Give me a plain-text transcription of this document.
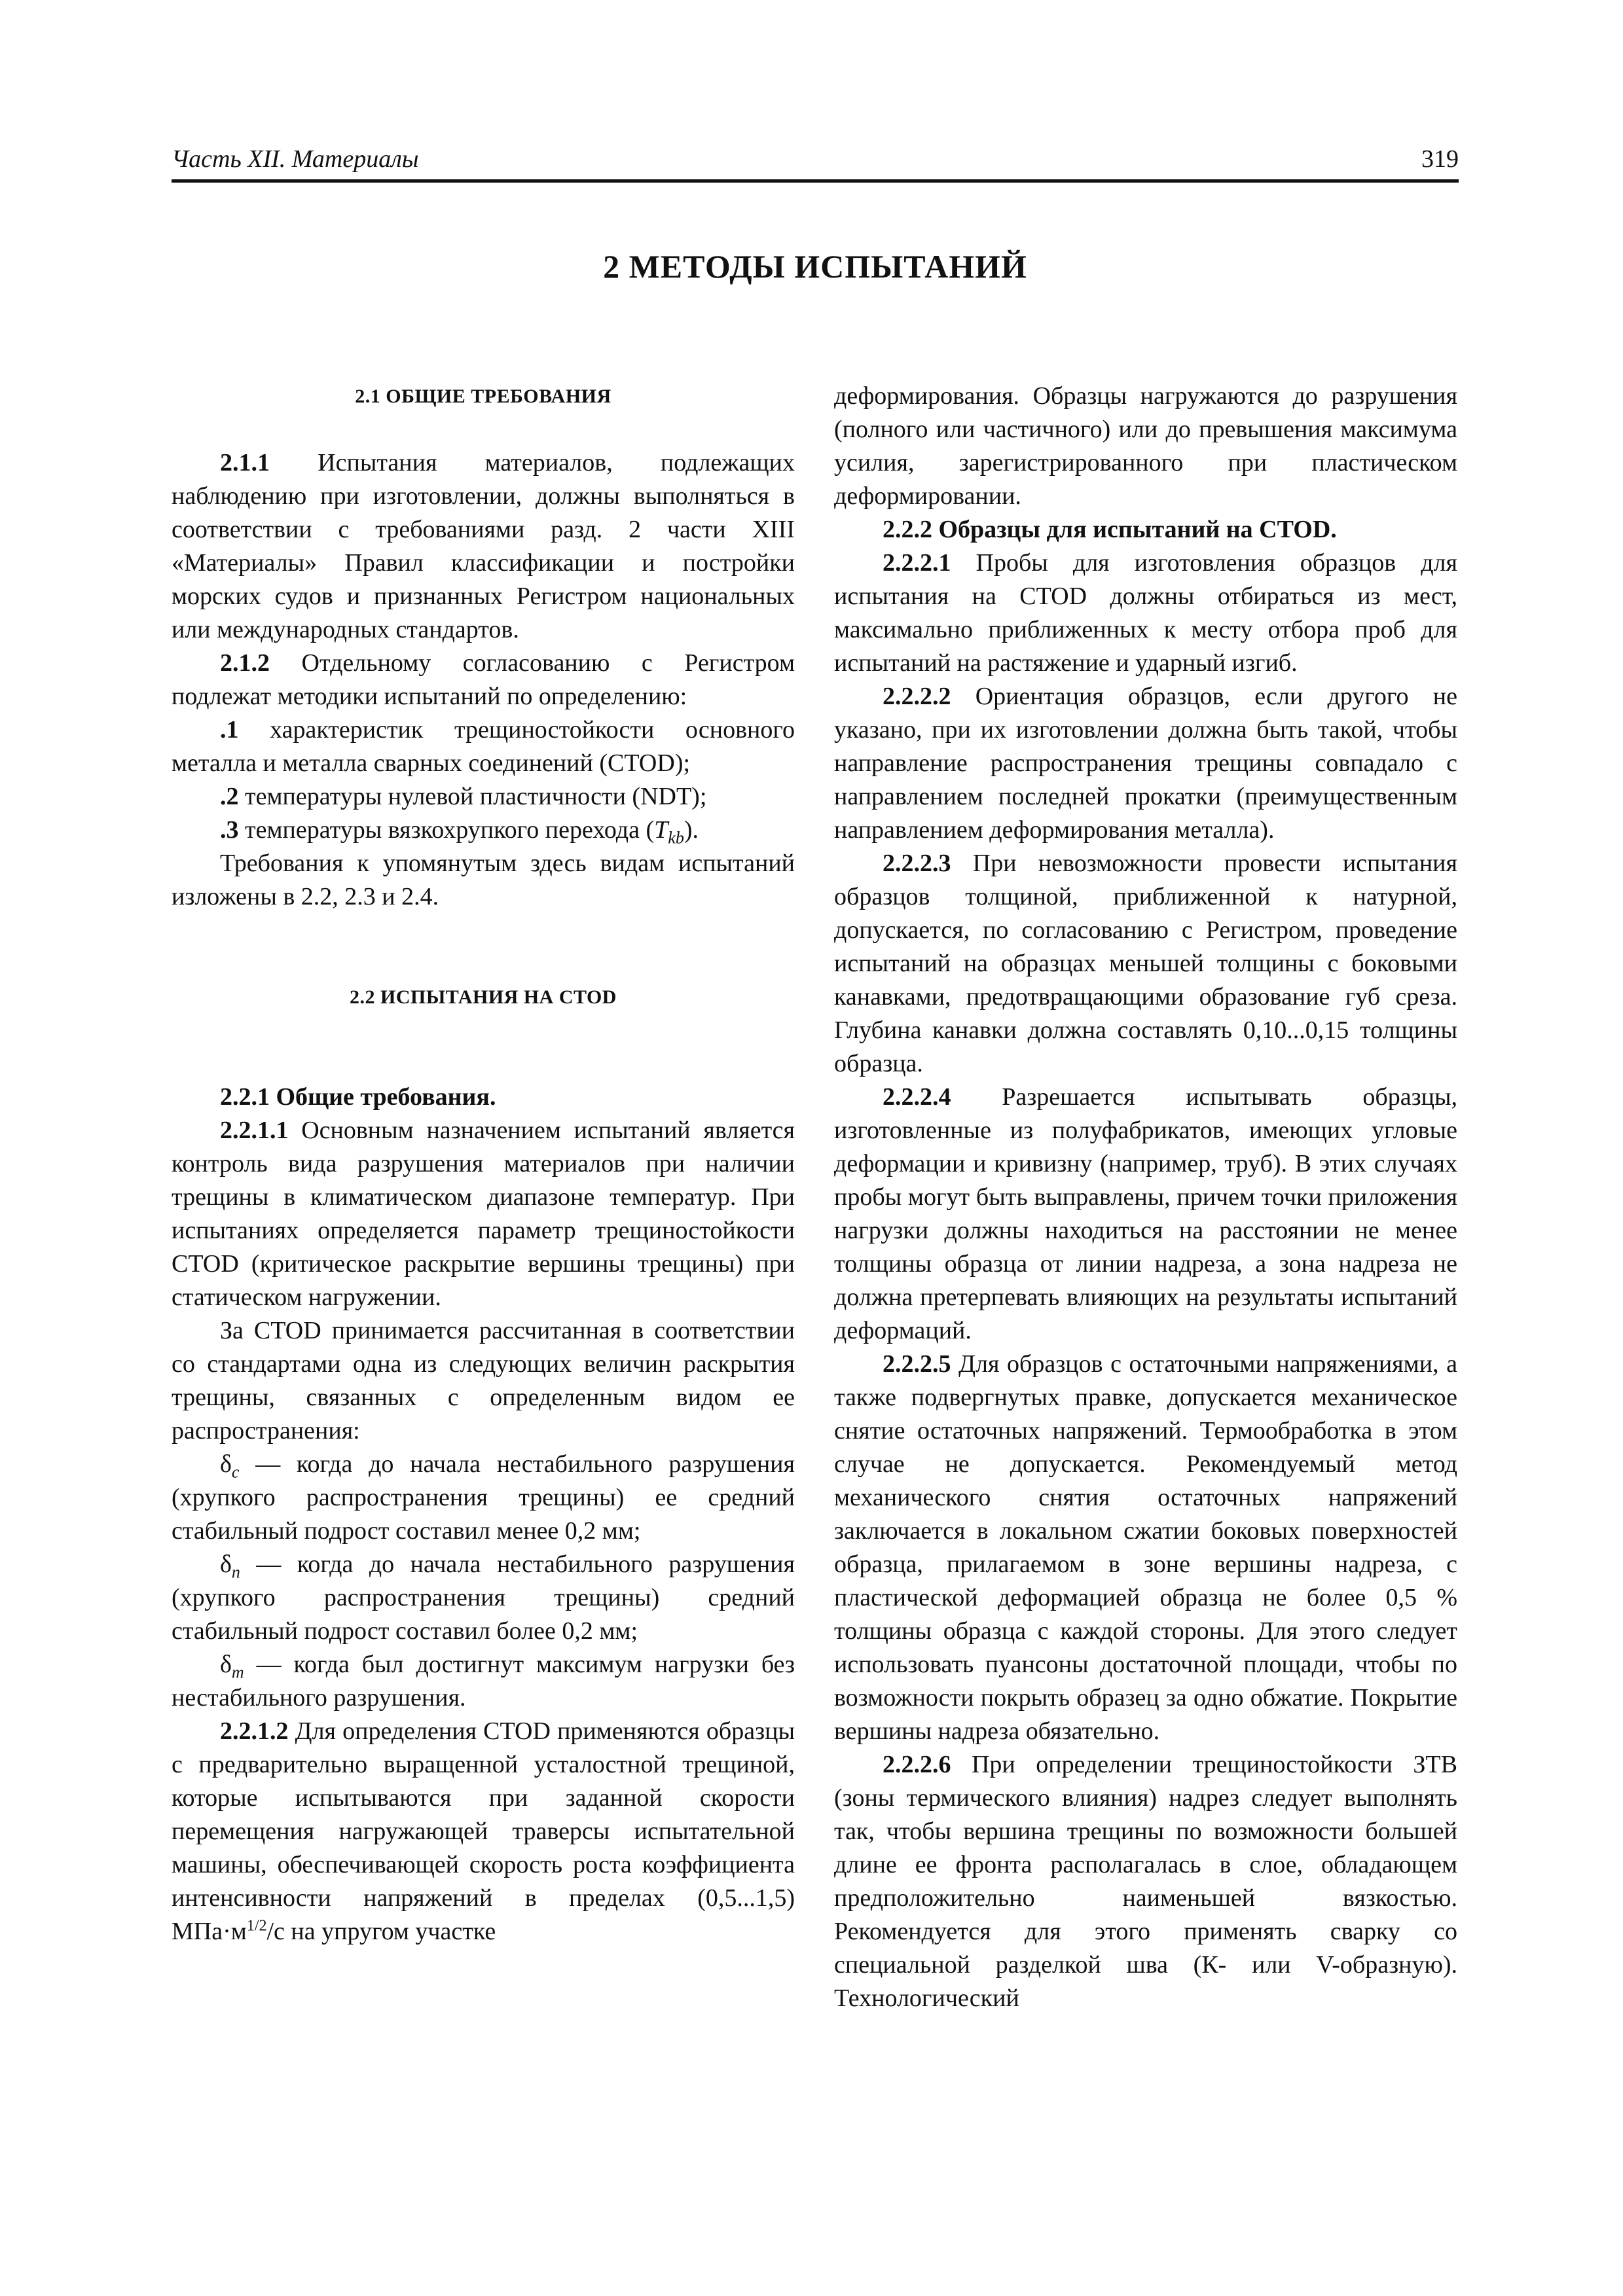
Часть XII. Материалы	319
2 МЕТОДЫ ИСПЫТАНИЙ
2.1 ОБЩИЕ ТРЕБОВАНИЯ

2.1.1 Испытания материалов, подлежащих наблюдению при изготовлении, должны выполняться в соответствии с требованиями разд. 2 части XIII «Материалы» Правил классификации и постройки морских судов и признанных Регистром национальных или международных стандартов.

2.1.2 Отдельному согласованию с Регистром подлежат методики испытаний по определению:

.1 характеристик трещиностойкости основного металла и металла сварных соединений (CTOD);

.2 температуры нулевой пластичности (NDT);

.3 температуры вязкохрупкого перехода $(T_{kb})$.

Требования к упомянутым здесь видам испытаний изложены в 2.2, 2.3 и 2.4.

2.2 ИСПЫТАНИЯ НА CTOD

2.2.1 Общие требования.

2.2.1.1 Основным назначением испытаний является контроль вида разрушения материалов при наличии трещины в климатическом диапазоне температур. При испытаниях определяется параметр трещиностойкости CTOD (критическое раскрытие вершины трещины) при статическом нагружении.

За CTOD принимается рассчитанная в соответствии со стандартами одна из следующих величин раскрытия трещины, связанных с определенным видом ее распространения:

$\delta_c$ — когда до начала нестабильного разрушения (хрупкого распространения трещины) ее средний стабильный подрост составил менее 0,2 мм;

$\delta_n$ — когда до начала нестабильного разрушения (хрупкого распространения трещины) средний стабильный подрост составил более 0,2 мм;

$\delta_m$ — когда был достигнут максимум нагрузки без нестабильного разрушения.

2.2.1.2 Для определения CTOD применяются образцы с предварительно выращенной усталостной трещиной, которые испытываются при заданной скорости перемещения нагружающей траверсы испытательной машины, обеспечивающей скорость роста коэффициента интенсивности напряжений в пределах (0,5...1,5) $МПа\cdot м^{1/2}/с$ на упругом участке

деформирования. Образцы нагружаются до разрушения (полного или частичного) или до превышения максимума усилия, зарегистрированного при пластическом деформировании.

2.2.2 Образцы для испытаний на CTOD.

2.2.2.1 Пробы для изготовления образцов для испытания на CTOD должны отбираться из мест, максимально приближенных к месту отбора проб для испытаний на растяжение и ударный изгиб.

2.2.2.2 Ориентация образцов, если другого не указано, при их изготовлении должна быть такой, чтобы направление распространения трещины совпадало с направлением последней прокатки (преимущественным направлением деформирования металла).

2.2.2.3 При невозможности провести испытания образцов толщиной, приближенной к натурной, допускается, по согласованию с Регистром, проведение испытаний на образцах меньшей толщины с боковыми канавками, предотвращающими образование губ среза. Глубина канавки должна составлять 0,10...0,15 толщины образца.

2.2.2.4 Разрешается испытывать образцы, изготовленные из полуфабрикатов, имеющих угловые деформации и кривизну (например, труб). В этих случаях пробы могут быть выправлены, причем точки приложения нагрузки должны находиться на расстоянии не менее толщины образца от линии надреза, а зона надреза не должна претерпевать влияющих на результаты испытаний деформаций.

2.2.2.5 Для образцов с остаточными напряжениями, а также подвергнутых правке, допускается механическое снятие остаточных напряжений. Термообработка в этом случае не допускается. Рекомендуемый метод механического снятия остаточных напряжений заключается в локальном сжатии боковых поверхностей образца, прилагаемом в зоне вершины надреза, с пластической деформацией образца не более 0,5 % толщины образца с каждой стороны. Для этого следует использовать пуансоны достаточной площади, чтобы по возможности покрыть образец за одно обжатие. Покрытие вершины надреза обязательно.

2.2.2.6 При определении трещиностойкости ЗТВ (зоны термического влияния) надрез следует выполнять так, чтобы вершина трещины по возможности большей длине ее фронта располагалась в слое, обладающем предположительно наименьшей вязкостью. Рекомендуется для этого применять сварку со специальной разделкой шва (К- или V-образную). Технологический
